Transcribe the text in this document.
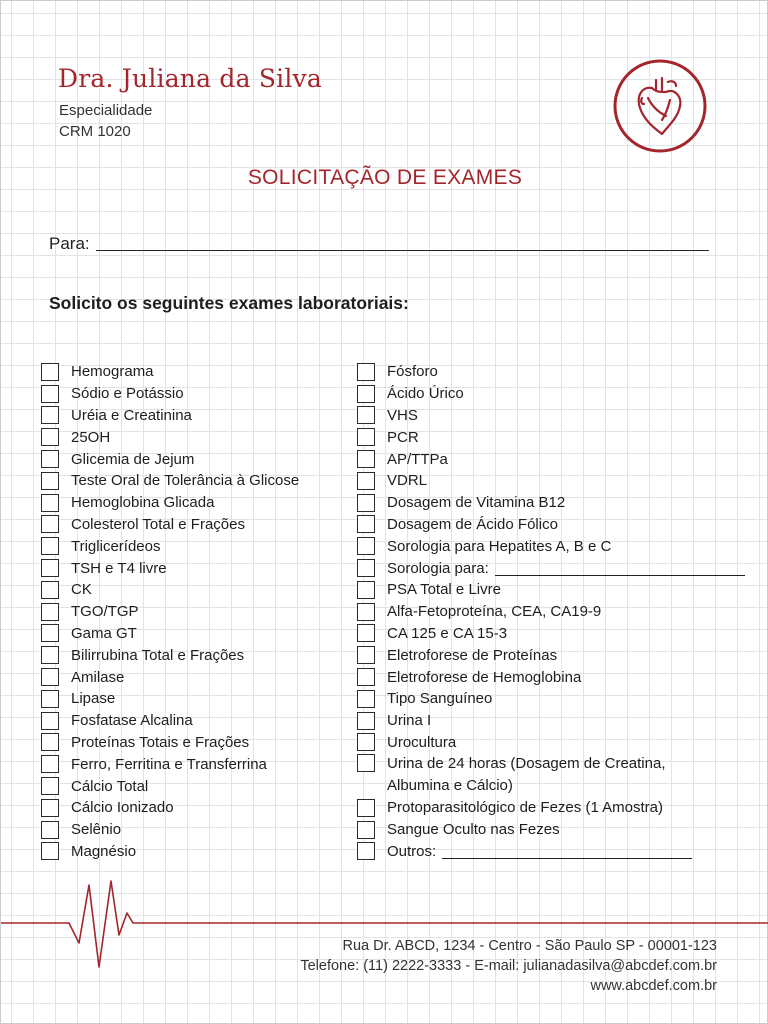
Dra. Juliana da Silva
Especialidade
CRM 1020
SOLICITAÇÃO DE EXAMES
Para:

Solicito os seguintes exames laboratoriais:

Hemograma
Sódio e Potássio
Uréia e Creatinina
25OH
Glicemia de Jejum
Teste Oral de Tolerância à Glicose
Hemoglobina Glicada
Colesterol Total e Frações
Triglicerídeos
TSH e T4 livre
CK
TGO/TGP
Gama GT
Bilirrubina Total e Frações
Amilase
Lipase
Fosfatase Alcalina
Proteínas Totais e Frações
Ferro, Ferritina e Transferrina
Cálcio Total
Cálcio Ionizado
Selênio
Magnésio
Fósforo
Ácido Úrico
VHS
PCR
AP/TTPa
VDRL
Dosagem de Vitamina B12
Dosagem de Ácido Fólico
Sorologia para Hepatites A, B e C
Sorologia para:
PSA Total e Livre
Alfa-Fetoproteína, CEA, CA19-9
CA 125 e CA 15-3
Eletroforese de Proteínas
Eletroforese de Hemoglobina
Tipo Sanguíneo
Urina I
Urocultura
Urina de 24 horas (Dosagem de Creatina, Albumina e Cálcio)
Protoparasitológico de Fezes (1 Amostra)
Sangue Oculto nas Fezes
Outros:
Rua Dr. ABCD, 1234 - Centro - São Paulo SP - 00001-123
Telefone: (11) 2222-3333 - E-mail: julianadasilva@abcdef.com.br
www.abcdef.com.br
